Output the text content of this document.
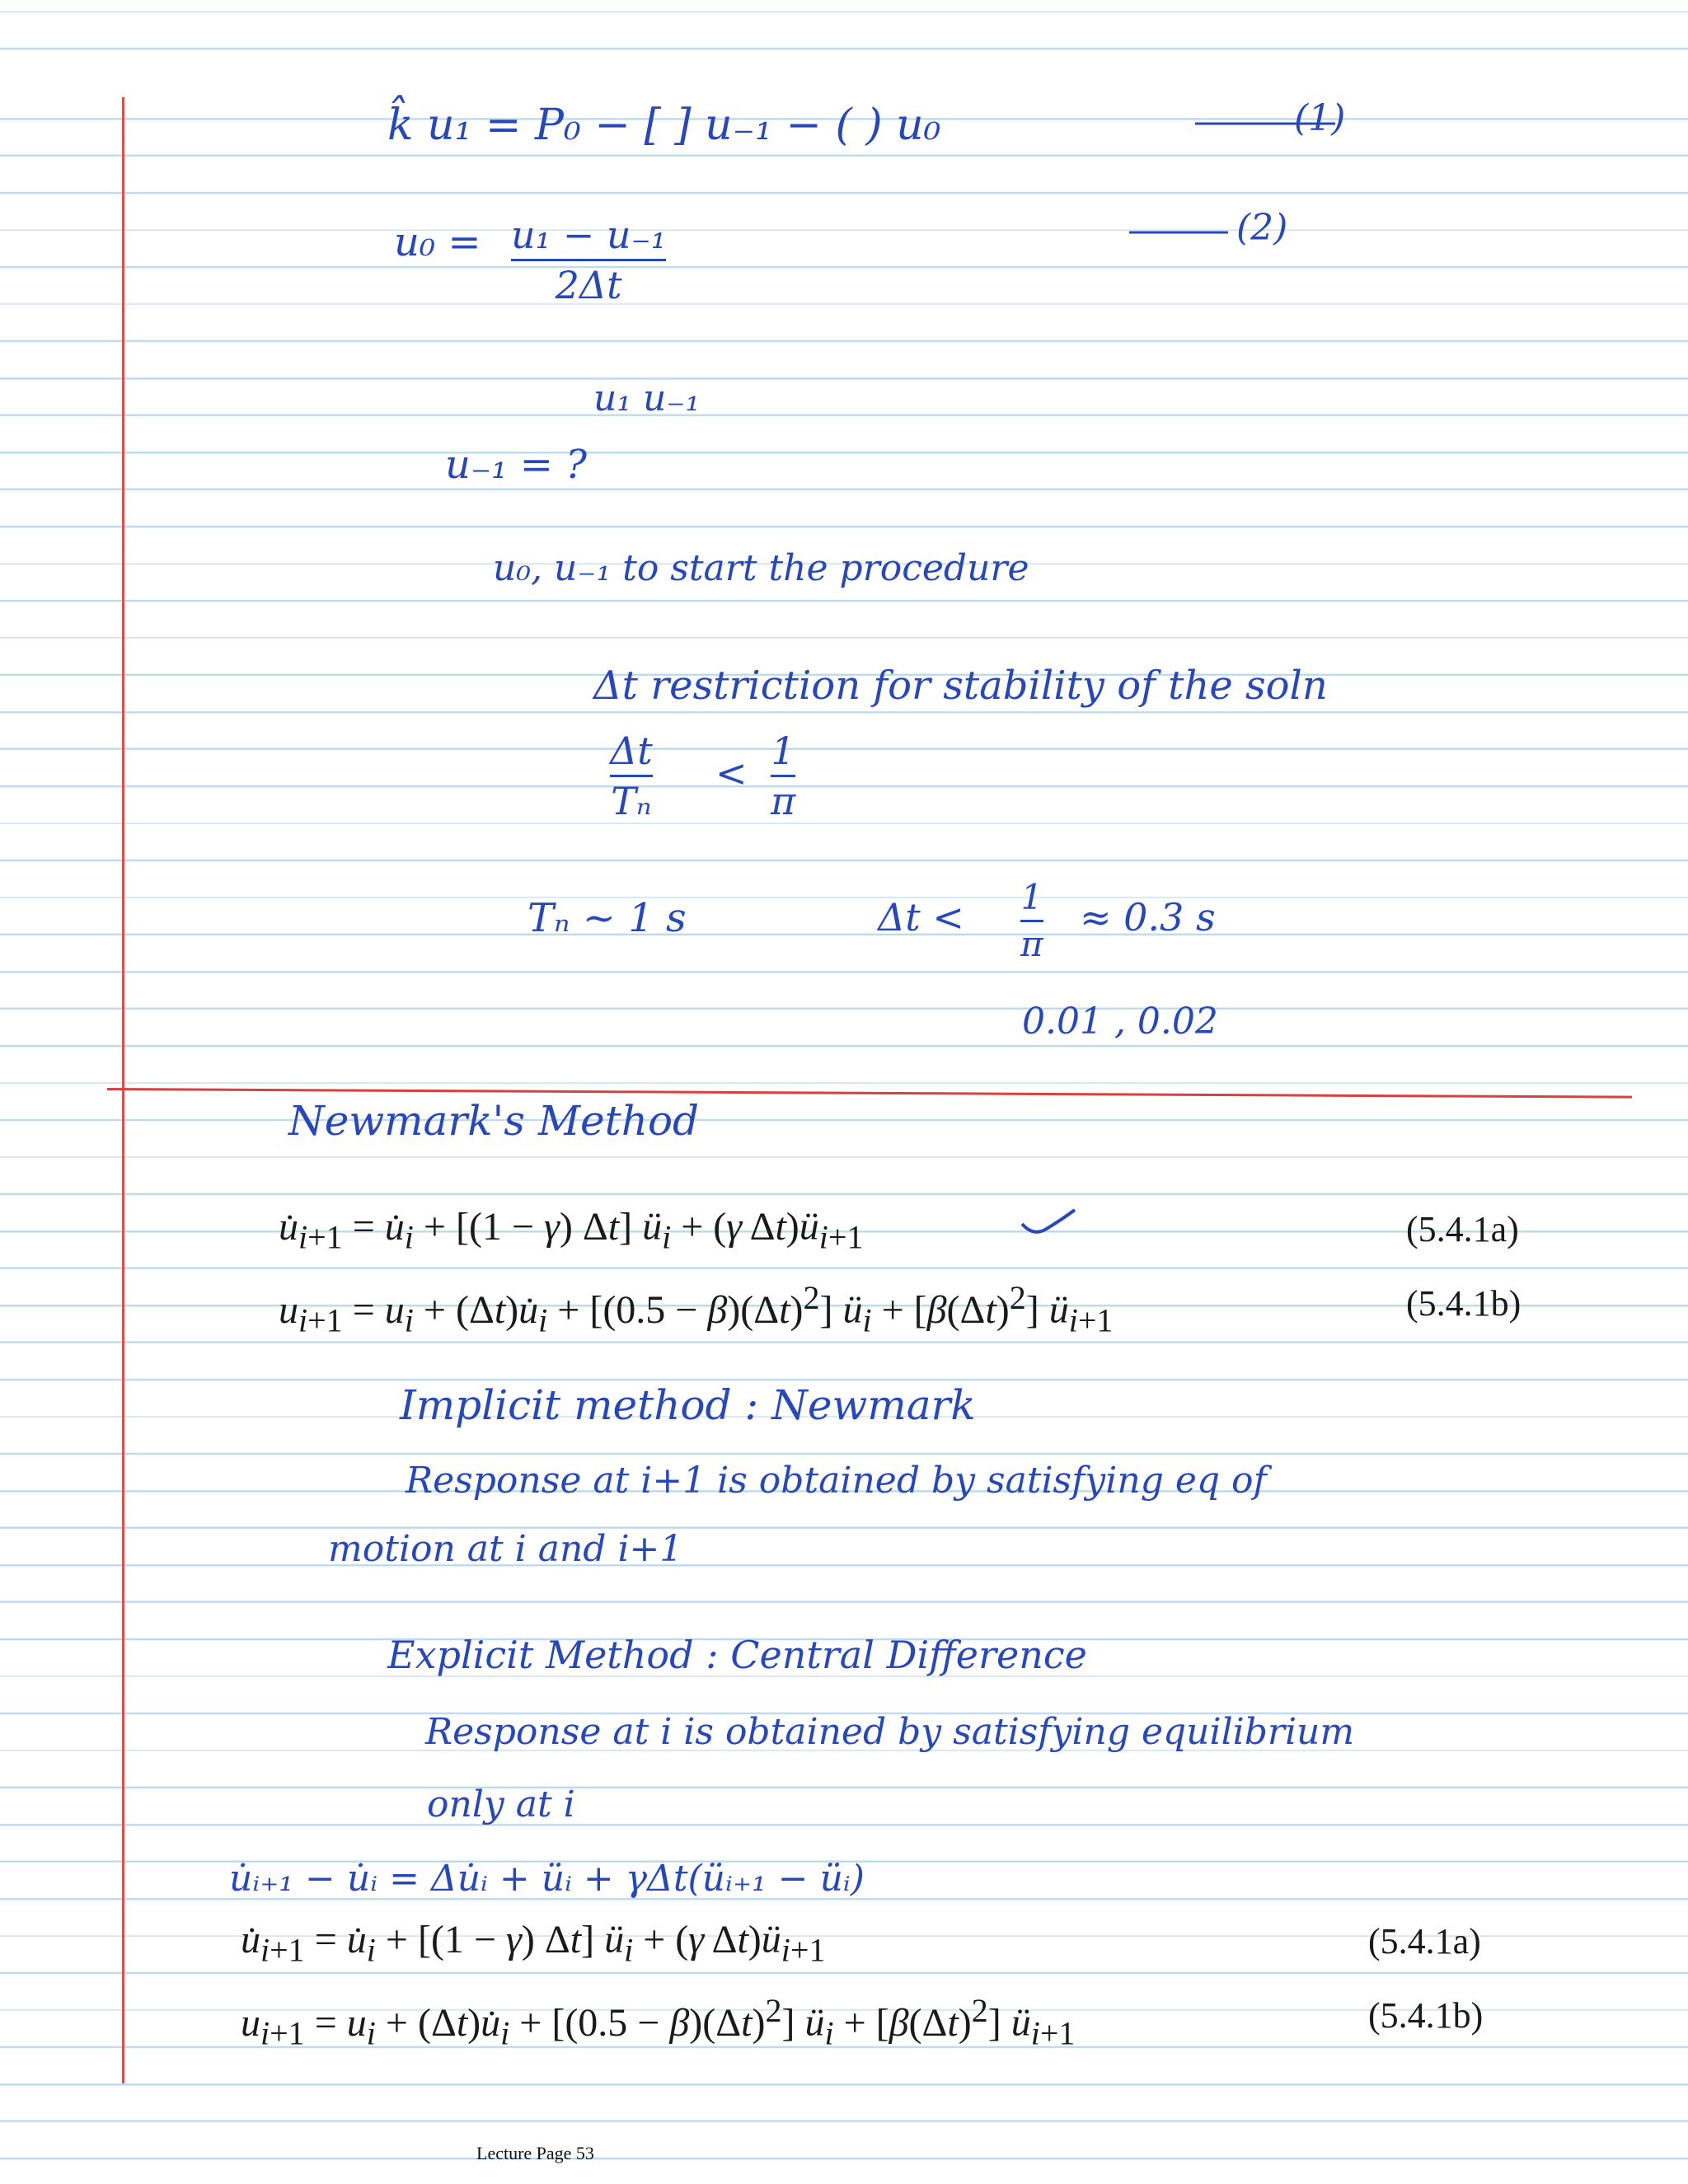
k̂ u₁ = P₀ − [ ] u₋₁ − ( ) u₀	(1)
u₀ = u₁ − u₋₁
2Δt
(2)
u₁ u₋₁
u₋₁ = ?
u₀, u₋₁ to start the procedure
Δt restriction for stability of the soln
Δt
Tₙ
< 1
π
Tₙ ~ 1 s	Δt < 1
π
≈ 0.3 s
0.01 , 0.02
Newmark's Method
$u̇_{i+1}$ = $u̇_i + [(1 - \gamma)$ Δt] $ü_i + (\gamma$ $\Delta t)ü_{i+1}$	(5.4.1a)
$u_{i+1} = u_i$ + $(\Delta t)u̇_i + [(0.5 - \beta)(\Delta t)^2]$ $ü_i + [\beta(\Delta t)^2]$ $ü_{i+1}$	(5.4.1b)
Implicit method : Newmark
Response at i+1 is obtained by satisfying eq of
motion at i and i+1
Explicit Method : Central Difference
Response at i is obtained by satisfying equilibrium
only at i
u̇ᵢ₊₁ − u̇ᵢ = Δu̇ᵢ + üᵢ + γΔt(üᵢ₊₁ − üᵢ)
$u̇_{i+1}$ = $u̇_i + [(1 - \gamma)$ Δt] $ü_i + (\gamma$ $\Delta t)ü_{i+1}$	(5.4.1a)
$u_{i+1} = u_i$ + $(\Delta t)u̇_i + [(0.5 - \beta)(\Delta t)^2]$ $ü_i + [\beta(\Delta t)^2]$ $ü_{i+1}$	(5.4.1b)
Lecture Page 53
